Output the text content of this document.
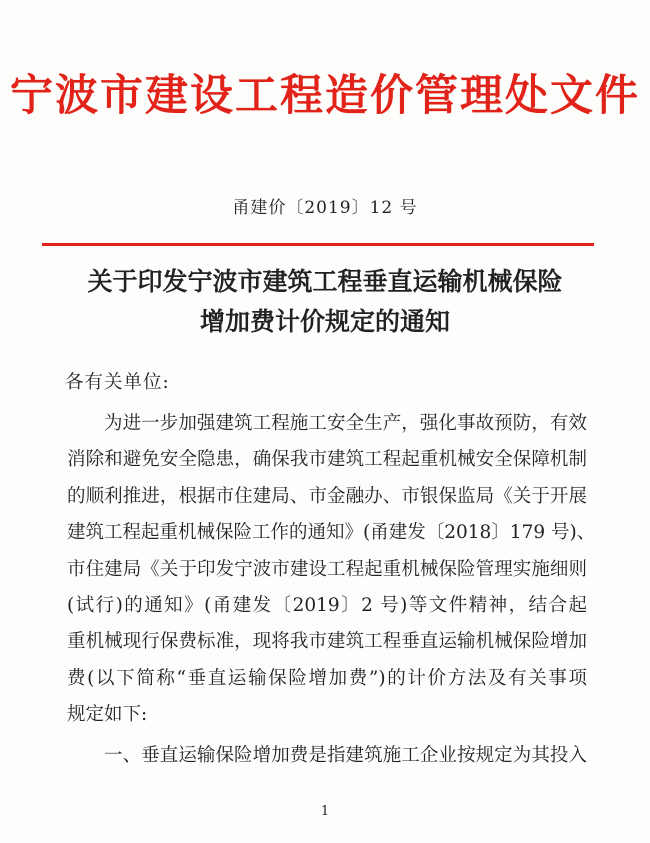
宁波市建设工程造价管理处文件
甬建价〔2019〕12 号
关于印发宁波市建筑工程垂直运输机械保险
增加费计价规定的通知
各有关单位:
为进一步加强建筑工程施工安全生产，强化事故预防，有效
消除和避免安全隐患，确保我市建筑工程起重机械安全保障机制
的顺利推进，根据市住建局、市金融办、市银保监局《关于开展
建筑工程起重机械保险工作的通知》(甬建发〔2018〕179 号)、
市住建局《关于印发宁波市建设工程起重机械保险管理实施细则
(试行)的通知》(甬建发〔2019〕2 号)等文件精神，结合起
重机械现行保费标准，现将我市建筑工程垂直运输机械保险增加
费(以下简称“垂直运输保险增加费”)的计价方法及有关事项
规定如下:
一、垂直运输保险增加费是指建筑施工企业按规定为其投入
1
